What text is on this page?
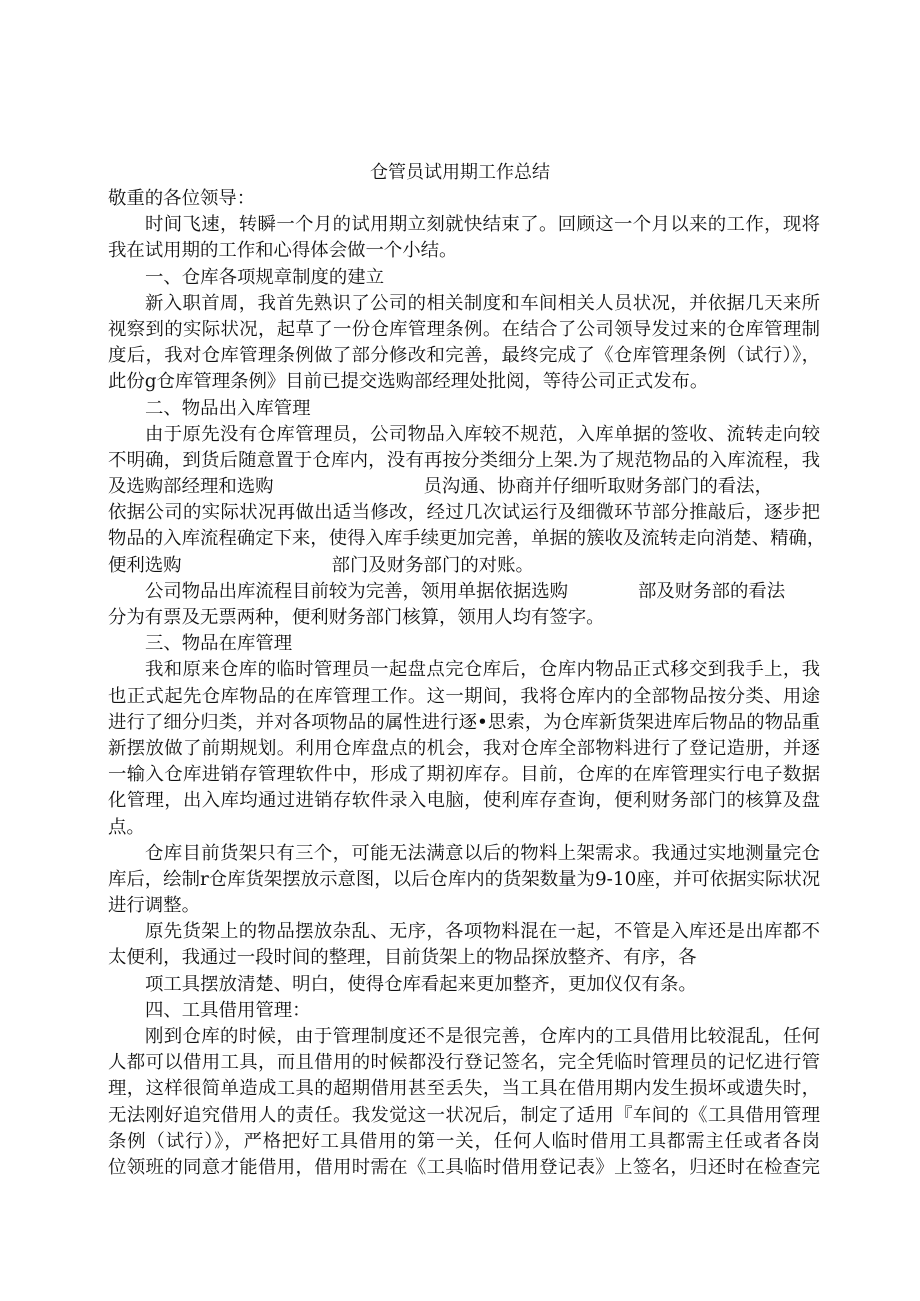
仓管员试用期工作总结
敬重的各位领导：
时间飞速，转瞬一个月的试用期立刻就快结束了。回顾这一个月以来的工作，现将
我在试用期的工作和心得体会做一个小结。
一、仓库各项规章制度的建立
新入职首周，我首先熟识了公司的相关制度和车间相关人员状况，并依据几天来所
视察到的实际状况，起草了一份仓库管理条例。在结合了公司领导发过来的仓库管理制
度后，我对仓库管理条例做了部分修改和完善，最终完成了《仓库管理条例（试行）》，
此份g仓库管理条例》目前已提交选购部经理处批阅，等待公司正式发布。
二、物品出入库管理
由于原先没有仓库管理员，公司物品入库较不规范，入库单据的签收、流转走向较
不明确，到货后随意置于仓库内，没有再按分类细分上架.为了规范物品的入库流程，我
及选购部经理和选购	员沟通、协商并仔细听取财务部门的看法，
依据公司的实际状况再做出适当修改，经过几次试运行及细微环节部分推敲后，逐步把
物品的入库流程确定下来，使得入库手续更加完善，单据的簇收及流转走向消楚、精确，
便利选购	部门及财务部门的对账。
公司物品出库流程目前较为完善，领用单据依据选购	部及财务部的看法
分为有票及无票两种，便利财务部门核算，领用人均有签字。
三、物品在库管理
我和原来仓库的临时管理员一起盘点完仓库后，仓库内物品正式移交到我手上，我
也正式起先仓库物品的在库管理工作。这一期间，我将仓库内的全部物品按分类、用途
进行了细分归类，并对各项物品的属性进行逐•思索，为仓库新货架进库后物品的物品重
新摆放做了前期规划。利用仓库盘点的机会，我对仓库全部物料进行了登记造册，并逐
一输入仓库进销存管理软件中，形成了期初库存。目前，仓库的在库管理实行电子数据
化管理，出入库均通过进销存软件录入电脑，使利库存查询，便利财务部门的核算及盘
点。
仓库目前货架只有三个，可能无法满意以后的物料上架需求。我通过实地测量完仓
库后，绘制r仓库货架摆放示意图，以后仓库内的货架数量为9-10座，并可依据实际状况
进行调整。
原先货架上的物品摆放杂乱、无序，各项物料混在一起，不管是入库还是出库都不
太便利，我通过一段时间的整理，目前货架上的物品探放整齐、有序，各
项工具摆放清楚、明白，使得仓库看起来更加整齐，更加仪仅有条。
四、工具借用管理：
刚到仓库的时候，由于管理制度还不是很完善，仓库内的工具借用比较混乱，任何
人都可以借用工具，而且借用的时候都没行登记签名，完全凭临时管理员的记忆进行管
理，这样很简单造成工具的超期借用甚至丢失，当工具在借用期内发生损坏或遗失时，
无法刚好追究借用人的责任。我发觉这一状况后，制定了适用『车间的《工具借用管理
条例（试行）》，严格把好工具借用的第一关，任何人临时借用工具都需主任或者各岗
位领班的同意才能借用，借用时需在《工具临时借用登记表》上签名，归还时在检查完
